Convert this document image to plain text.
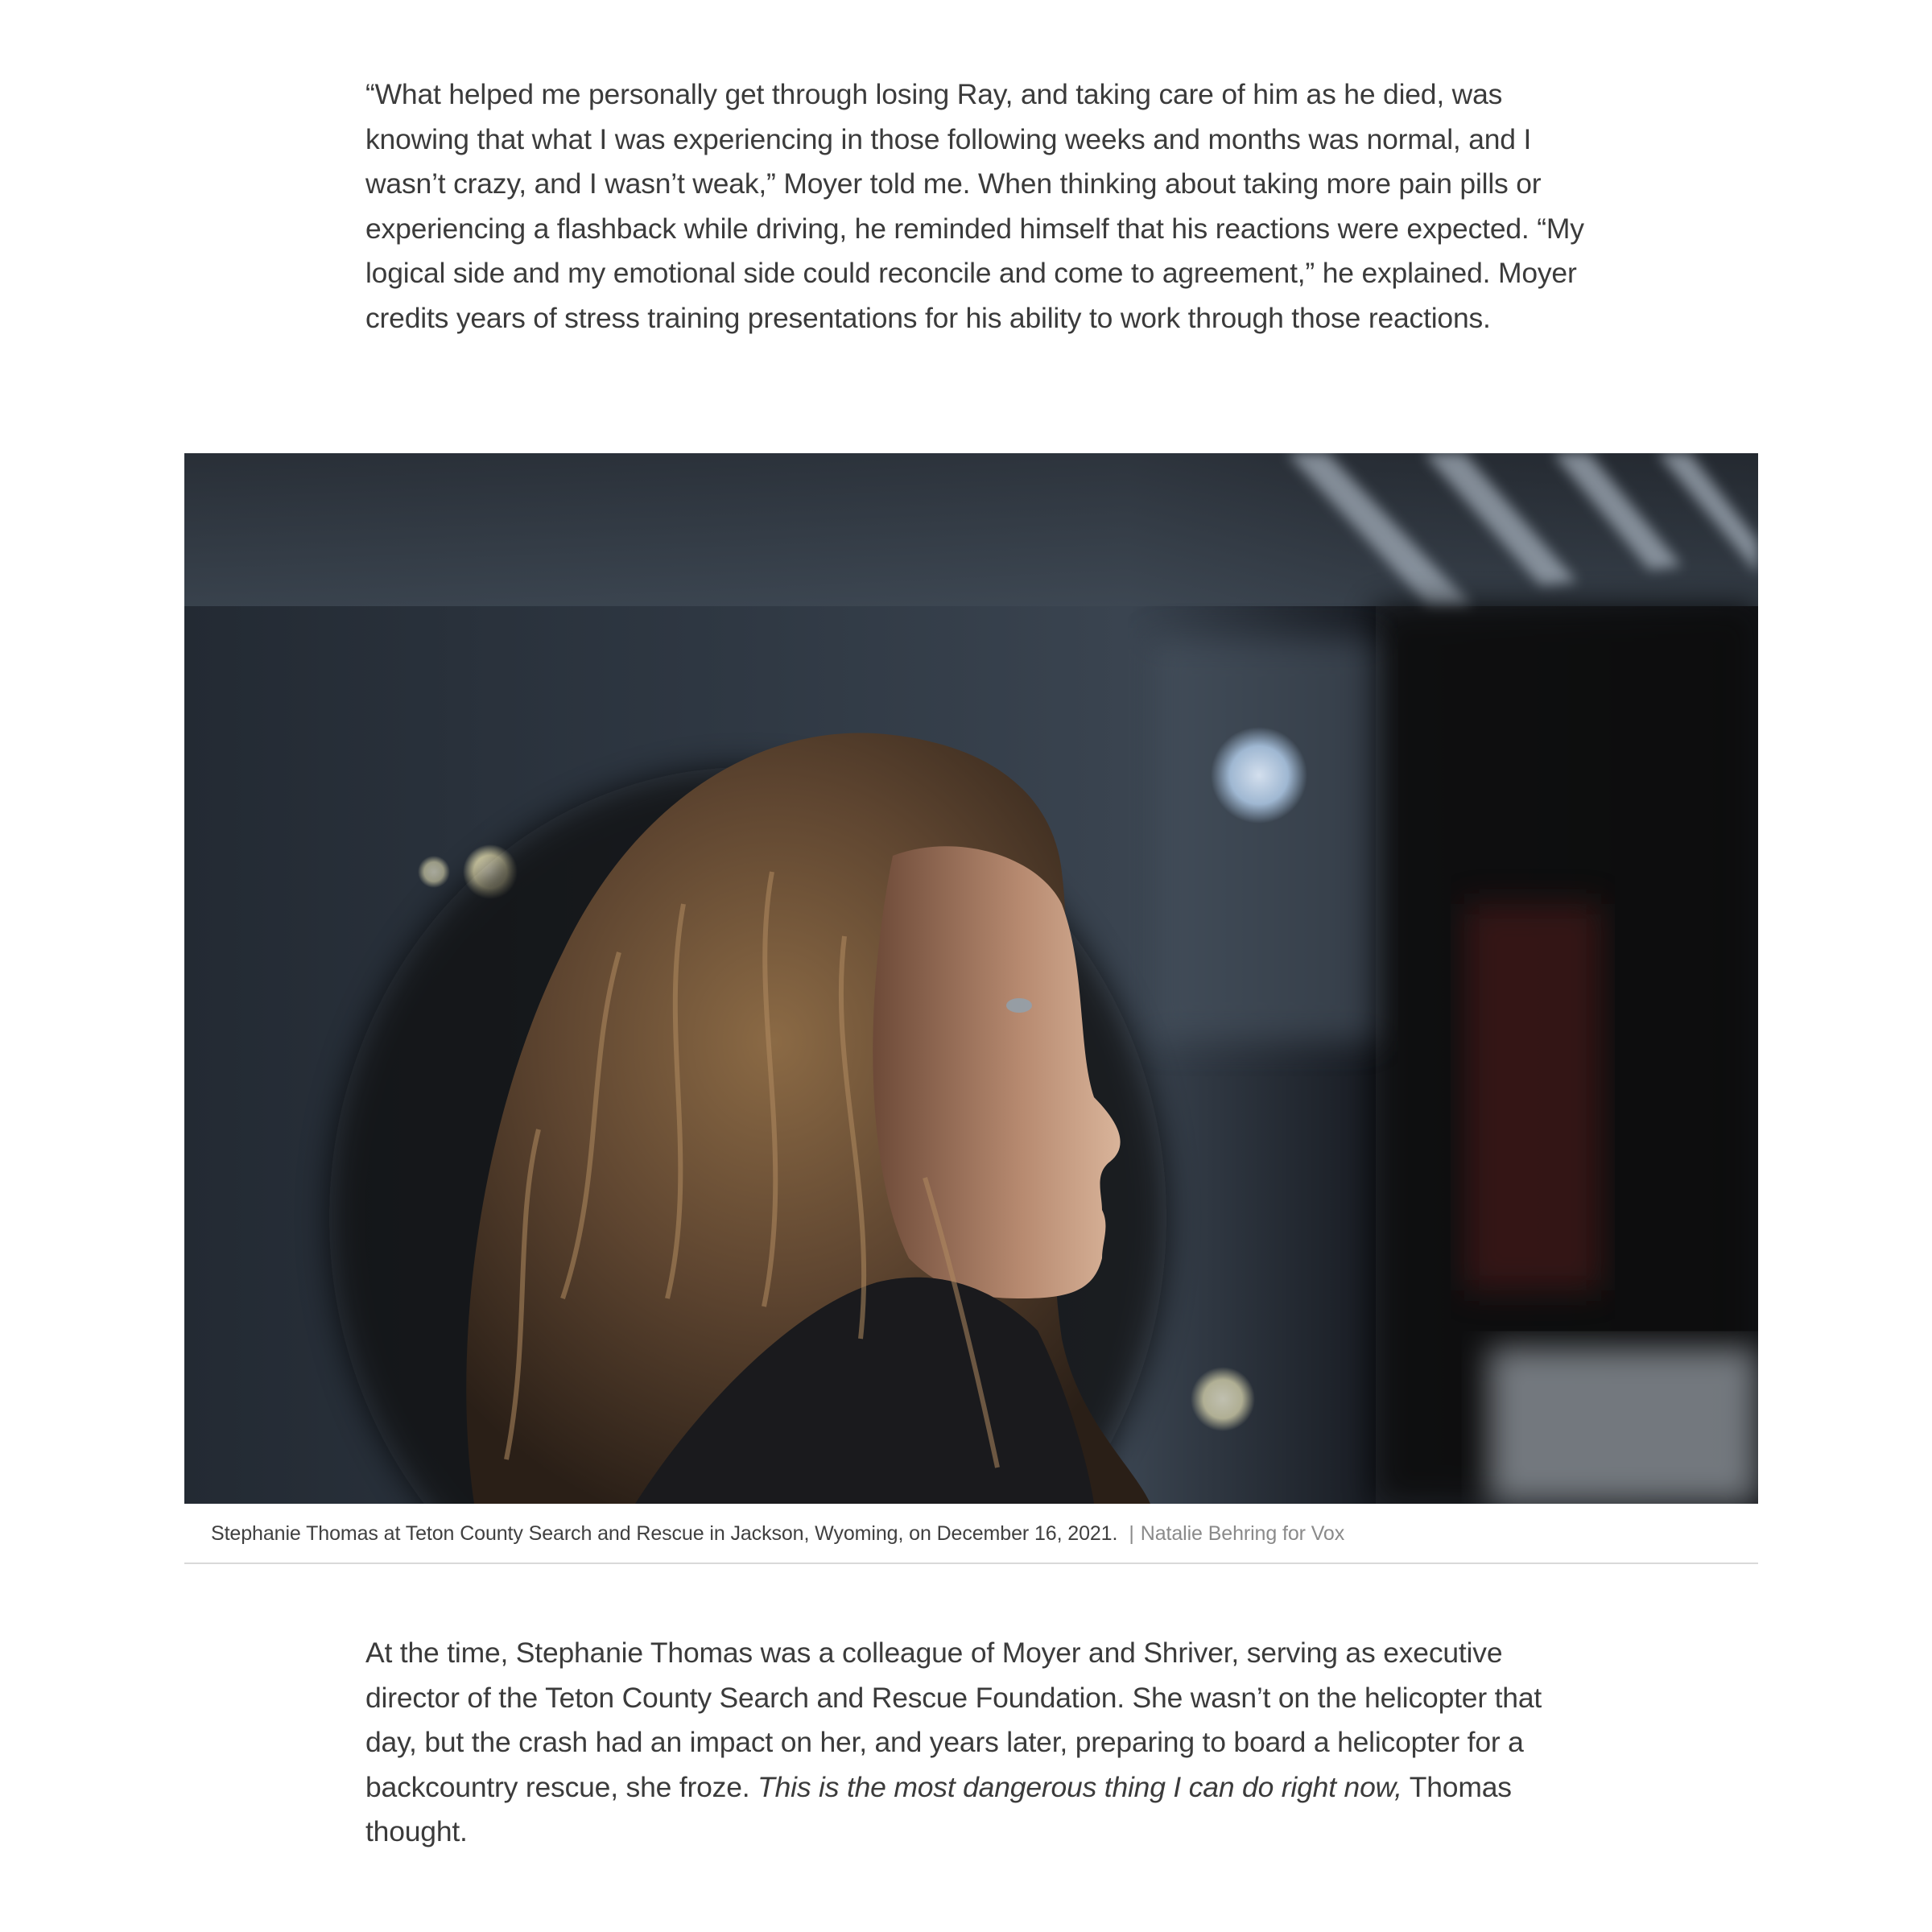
“What helped me personally get through losing Ray, and taking care of him as he died, was knowing that what I was experiencing in those following weeks and months was normal, and I wasn’t crazy, and I wasn’t weak,” Moyer told me. When thinking about taking more pain pills or experiencing a flashback while driving, he reminded himself that his reactions were expected. “My logical side and my emotional side could reconcile and come to agreement,” he explained. Moyer credits years of stress training presentations for his ability to work through those reactions.

Stephanie Thomas at Teton County Search and Rescue in Jackson, Wyoming, on December 16, 2021. | Natalie Behring for Vox

At the time, Stephanie Thomas was a colleague of Moyer and Shriver, serving as executive director of the Teton County Search and Rescue Foundation. She wasn’t on the helicopter that day, but the crash had an impact on her, and years later, preparing to board a helicopter for a backcountry rescue, she froze. This is the most dangerous thing I can do right now, Thomas thought.
